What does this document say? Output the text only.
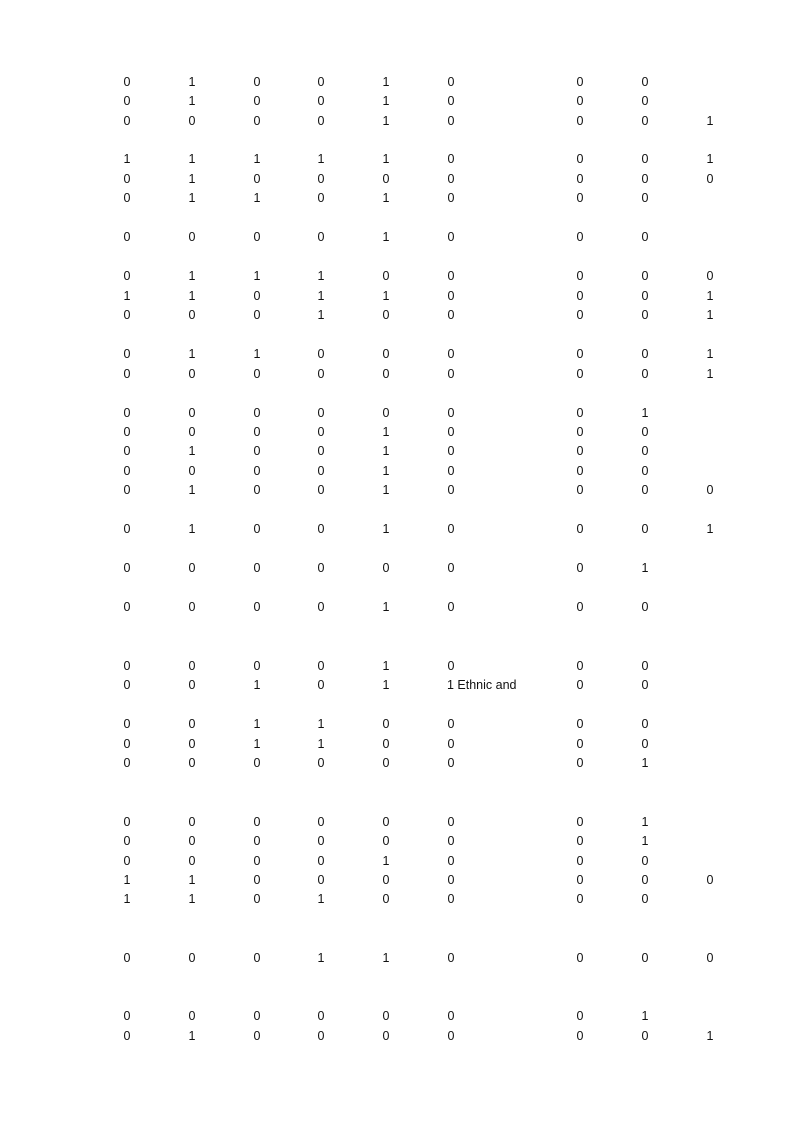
0	1	0	0	1	0	0	0
0	1	0	0	1	0	0	0
0	0	0	0	1	0	0	0	1
1	1	1	1	1	0	0	0	1
0	1	0	0	0	0	0	0	0
0	1	1	0	1	0	0	0
0	0	0	0	1	0	0	0
0	1	1	1	0	0	0	0	0
1	1	0	1	1	0	0	0	1
0	0	0	1	0	0	0	0	1
0	1	1	0	0	0	0	0	1
0	0	0	0	0	0	0	0	1
0	0	0	0	0	0	0	1
0	0	0	0	1	0	0	0
0	1	0	0	1	0	0	0
0	0	0	0	1	0	0	0
0	1	0	0	1	0	0	0	0
0	1	0	0	1	0	0	0	1
0	0	0	0	0	0	0	1
0	0	0	0	1	0	0	0
0	0	0	0	1	0	0	0
0	0	1	0	1	1 Ethnic and	0	0
0	0	1	1	0	0	0	0
0	0	1	1	0	0	0	0
0	0	0	0	0	0	0	1
0	0	0	0	0	0	0	1
0	0	0	0	0	0	0	1
0	0	0	0	1	0	0	0
1	1	0	0	0	0	0	0	0
1	1	0	1	0	0	0	0
0	0	0	1	1	0	0	0	0
0	0	0	0	0	0	0	1
0	1	0	0	0	0	0	0	1
